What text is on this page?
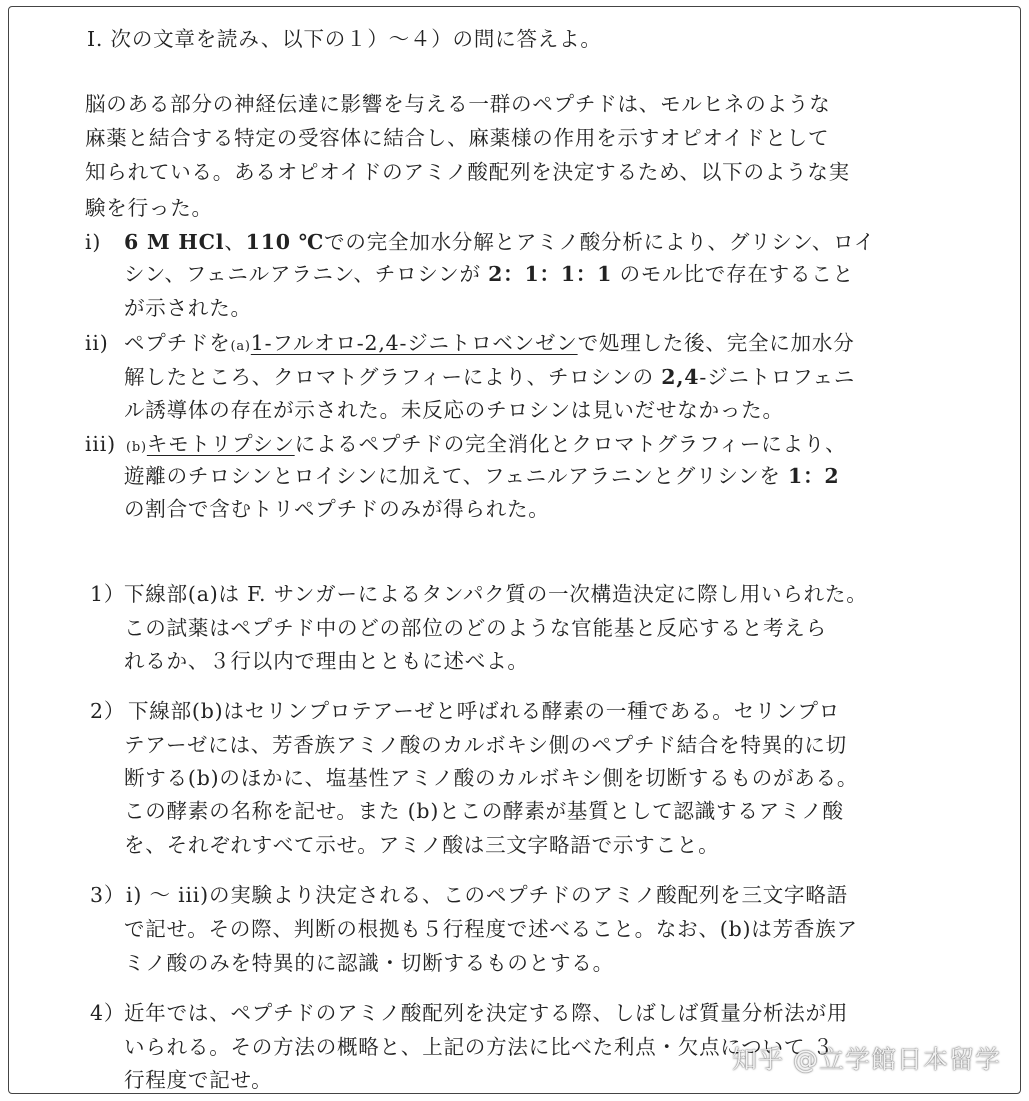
I. 次の文章を読み、以下の１）～４）の問に答えよ。
脳のある部分の神経伝達に影響を与える一群のペプチドは、モルヒネのような
麻薬と結合する特定の受容体に結合し、麻薬様の作用を示すオピオイドとして
知られている。あるオピオイドのアミノ酸配列を決定するため、以下のような実
験を行った。
i) 6 M HCl、110 ℃での完全加水分解とアミノ酸分析により、グリシン、ロイ
シン、フェニルアラニン、チロシンが 2：1：1：1 のモル比で存在すること
が示された。
ii) ペプチドを(a)1-フルオロ-2,4-ジニトロベンゼンで処理した後、完全に加水分
解したところ、クロマトグラフィーにより、チロシンの 2,4-ジニトロフェニ
ル誘導体の存在が示された。未反応のチロシンは見いだせなかった。
iii) (b)キモトリプシンによるペプチドの完全消化とクロマトグラフィーにより、
遊離のチロシンとロイシンに加えて、フェニルアラニンとグリシンを 1：2
の割合で含むトリペプチドのみが得られた。
1）
下線部(a)は F. サンガーによるタンパク質の一次構造決定に際し用いられた。
この試薬はペプチド中のどの部位のどのような官能基と反応すると考えら
れるか、３行以内で理由とともに述べよ。
2） 下線部(b)はセリンプロテアーゼと呼ばれる酵素の一種である。セリンプロ
テアーゼには、芳香族アミノ酸のカルボキシ側のペプチド結合を特異的に切
断する(b)のほかに、塩基性アミノ酸のカルボキシ側を切断するものがある。
この酵素の名称を記せ。また (b)とこの酵素が基質として認識するアミノ酸
を、それぞれすべて示せ。アミノ酸は三文字略語で示すこと。
3） i) ～ iii)の実験より決定される、このペプチドのアミノ酸配列を三文字略語
で記せ。その際、判断の根拠も５行程度で述べること。なお、(b)は芳香族ア
ミノ酸のみを特異的に認識・切断するものとする。
4）
近年では、ペプチドのアミノ酸配列を決定する際、しばしば質量分析法が用
いられる。その方法の概略と、上記の方法に比べた利点・欠点について ３
行程度で記せ。
知乎 @立学館日本留学
